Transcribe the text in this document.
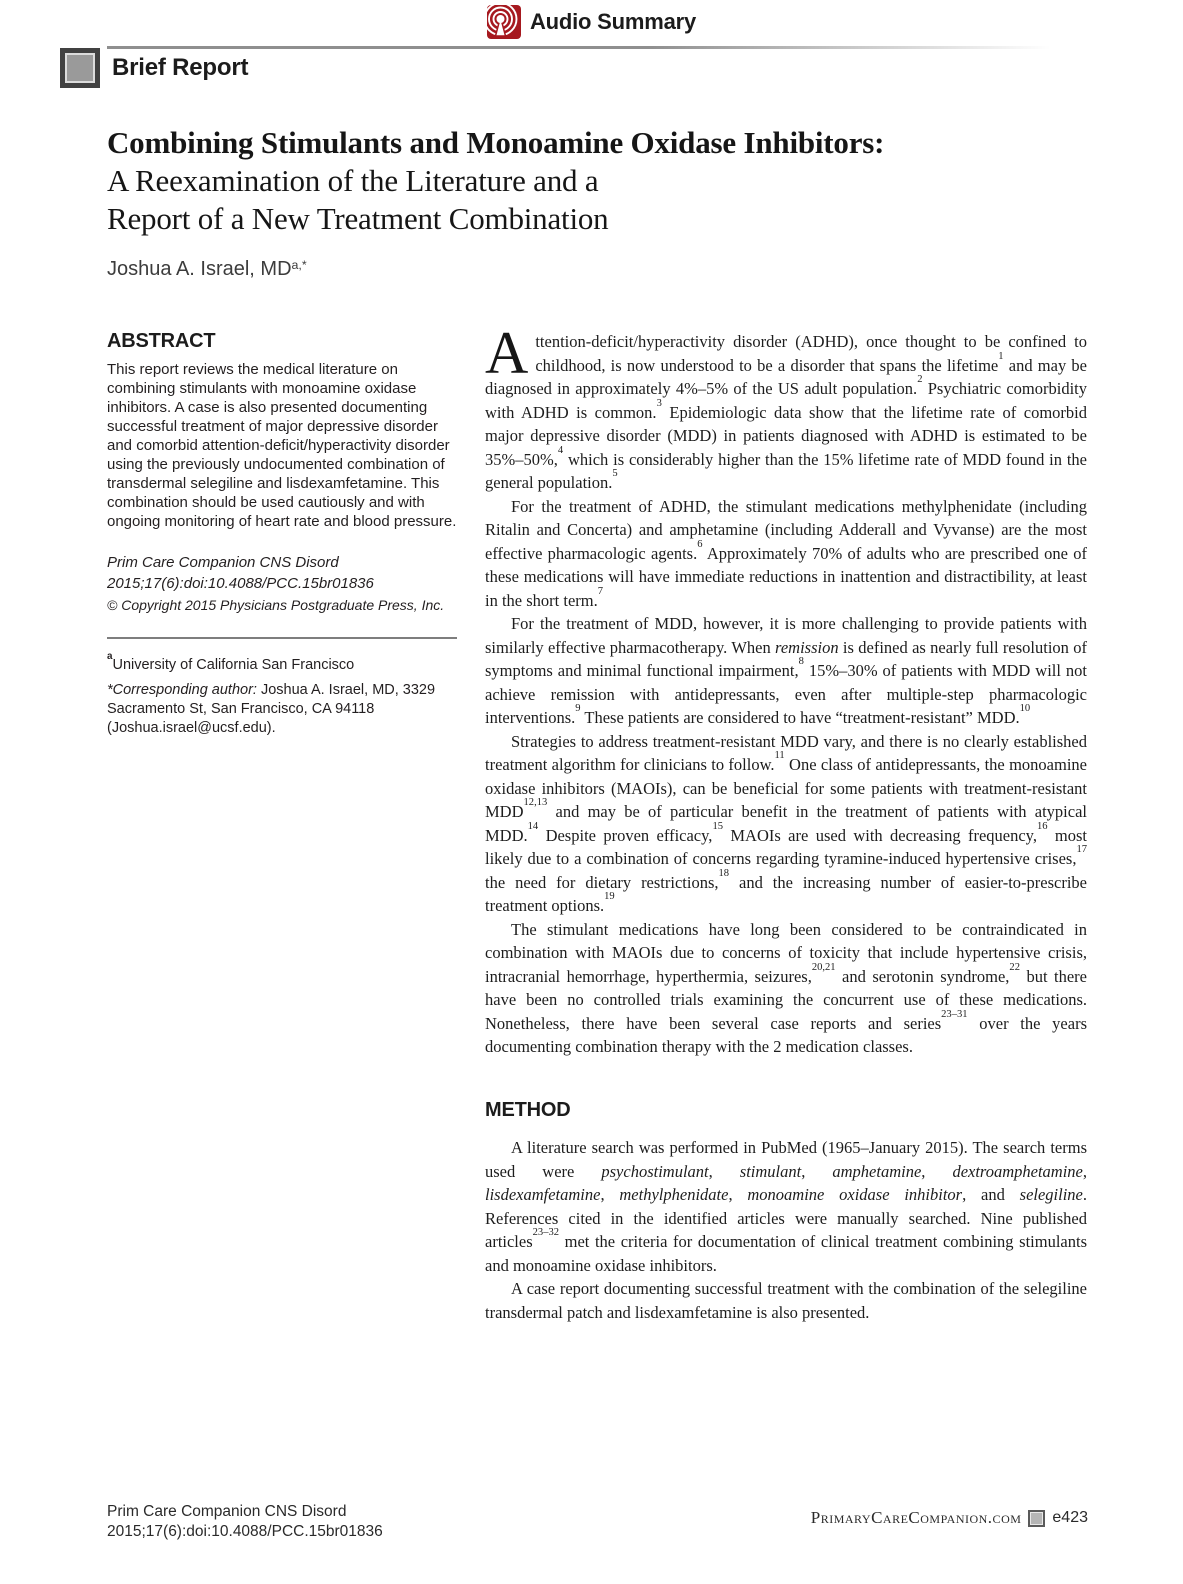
Audio Summary
Brief Report
Combining Stimulants and Monoamine Oxidase Inhibitors:
A Reexamination of the Literature and a
Report of a New Treatment Combination
Joshua A. Israel, $MD^{a,*}$
ABSTRACT

This report reviews the medical literature on combining stimulants with monoamine oxidase inhibitors. A case is also presented documenting successful treatment of major depressive disorder and comorbid attention-deficit/hyperactivity disorder using the previously undocumented combination of transdermal selegiline and lisdexamfetamine. This combination should be used cautiously and with ongoing monitoring of heart rate and blood pressure.

Prim Care Companion CNS Disord
2015;17(6):doi:10.4088/PCC.15br01836

© Copyright 2015 Physicians Postgraduate Press, Inc.

$^a$University of California San Francisco

*Corresponding author: Joshua A. Israel, MD, 3329 Sacramento St, San Francisco, CA 94118 (Joshua.israel@ucsf.edu).

Attention-deficit/hyperactivity disorder (ADHD), once thought to be confined to childhood, is now understood to be a disorder that spans the lifetime$^1$ and may be diagnosed in approximately 4%–5% of the US adult population.$^2$ Psychiatric comorbidity with ADHD is common.$^3$ Epidemiologic data show that the lifetime rate of comorbid major depressive disorder (MDD) in patients diagnosed with ADHD is estimated to be 35%–50%,$^4$ which is considerably higher than the 15% lifetime rate of MDD found in the general population.$^5$

For the treatment of ADHD, the stimulant medications methylphenidate (including Ritalin and Concerta) and amphetamine (including Adderall and Vyvanse) are the most effective pharmacologic agents.$^6$ Approximately 70% of adults who are prescribed one of these medications will have immediate reductions in inattention and distractibility, at least in the short term.$^7$

For the treatment of MDD, however, it is more challenging to provide patients with similarly effective pharmacotherapy. When remission is defined as nearly full resolution of symptoms and minimal functional impairment,$^8$ 15%–30% of patients with MDD will not achieve remission with antidepressants, even after multiple-step pharmacologic interventions.$^9$ These patients are considered to have “treatment-resistant” MDD.$^{10}$

Strategies to address treatment-resistant MDD vary, and there is no clearly established treatment algorithm for clinicians to follow.$^{11}$ One class of antidepressants, the monoamine oxidase inhibitors (MAOIs), can be beneficial for some patients with treatment-resistant MDD$^{12,13}$ and may be of particular benefit in the treatment of patients with atypical MDD.$^{14}$ Despite proven efficacy,$^{15}$ MAOIs are used with decreasing frequency,$^{16}$ most likely due to a combination of concerns regarding tyramine-induced hypertensive crises,$^{17}$ the need for dietary restrictions,$^{18}$ and the increasing number of easier-to-prescribe treatment options.$^{19}$

The stimulant medications have long been considered to be contraindicated in combination with MAOIs due to concerns of toxicity that include hypertensive crisis, intracranial hemorrhage, hyperthermia, seizures,$^{20,21}$ and serotonin syndrome,$^{22}$ but there have been no controlled trials examining the concurrent use of these medications. Nonetheless, there have been several case reports and series$^{23-31}$ over the years documenting combination therapy with the 2 medication classes.

METHOD

A literature search was performed in PubMed (1965–January 2015). The search terms used were psychostimulant, stimulant, amphetamine, dextroamphetamine, lisdexamfetamine, methylphenidate, monoamine oxidase inhibitor, and selegiline. References cited in the identified articles were manually searched. Nine published articles$^{23-32}$ met the criteria for documentation of clinical treatment combining stimulants and monoamine oxidase inhibitors.

A case report documenting successful treatment with the combination of the selegiline transdermal patch and lisdexamfetamine is also presented.

Prim Care Companion CNS Disord
2015;17(6):doi:10.4088/PCC.15br01836
PrimaryCareCompanion.com e423
